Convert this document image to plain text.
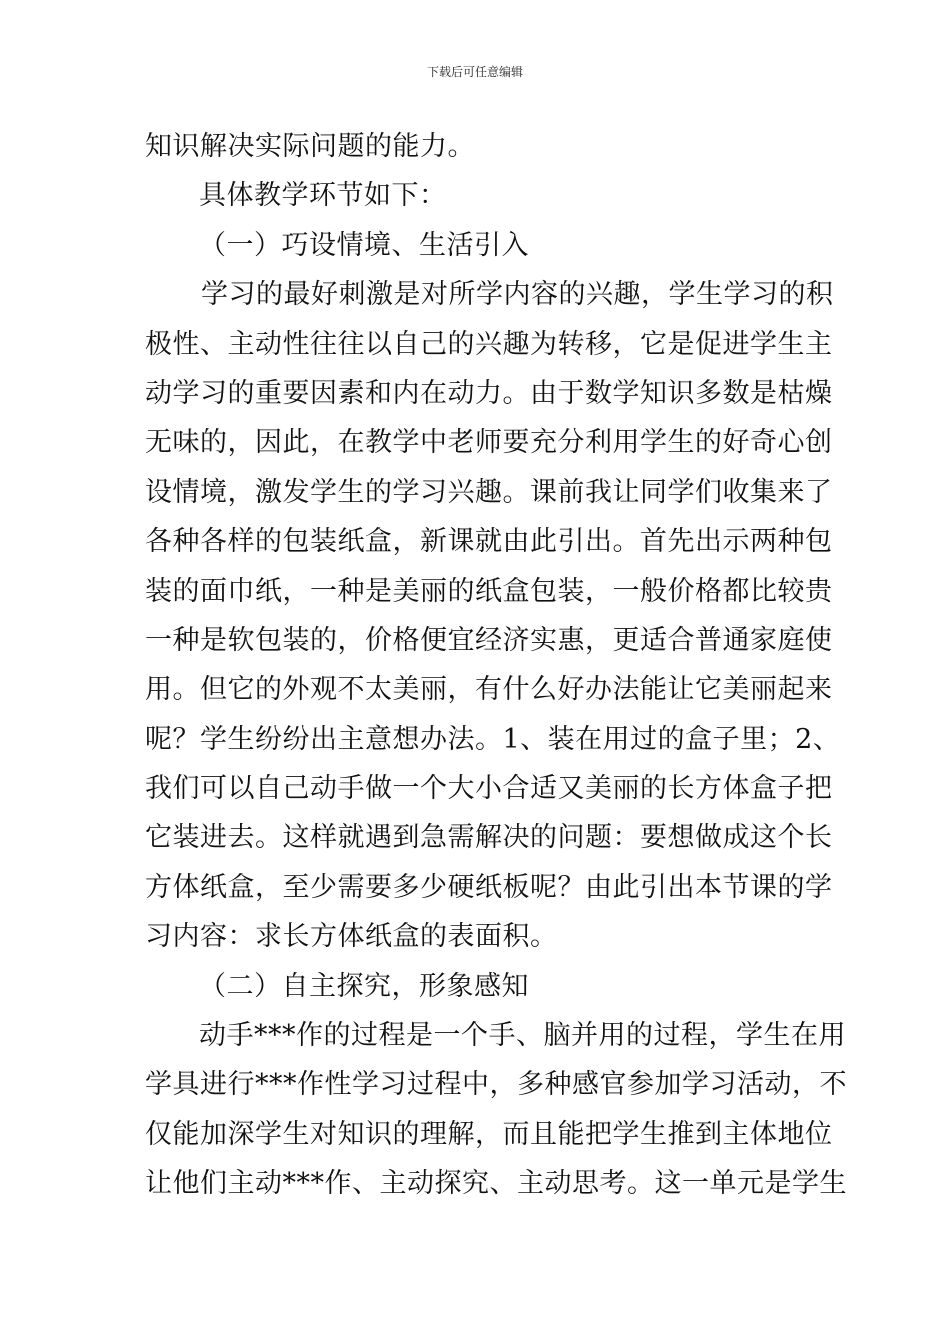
下载后可任意编辑
知识解决实际问题的能力。
具体教学环节如下：
（一）巧设情境、生活引入
学习的最好刺激是对所学内容的兴趣，学生学习的积
极性、主动性往往以自己的兴趣为转移，它是促进学生主
动学习的重要因素和内在动力。由于数学知识多数是枯燥
无味的，因此，在教学中老师要充分利用学生的好奇心创
设情境，激发学生的学习兴趣。课前我让同学们收集来了
各种各样的包装纸盒，新课就由此引出。首先出示两种包
装的面巾纸，一种是美丽的纸盒包装，一般价格都比较贵
一种是软包装的，价格便宜经济实惠，更适合普通家庭使
用。但它的外观不太美丽，有什么好办法能让它美丽起来
呢？学生纷纷出主意想办法。1、装在用过的盒子里；2、
我们可以自己动手做一个大小合适又美丽的长方体盒子把
它装进去。这样就遇到急需解决的问题：要想做成这个长
方体纸盒，至少需要多少硬纸板呢？由此引出本节课的学
习内容：求长方体纸盒的表面积。
（二）自主探究，形象感知
动手***作的过程是一个手、脑并用的过程，学生在用
学具进行***作性学习过程中，多种感官参加学习活动，不
仅能加深学生对知识的理解，而且能把学生推到主体地位
让他们主动***作、主动探究、主动思考。这一单元是学生
